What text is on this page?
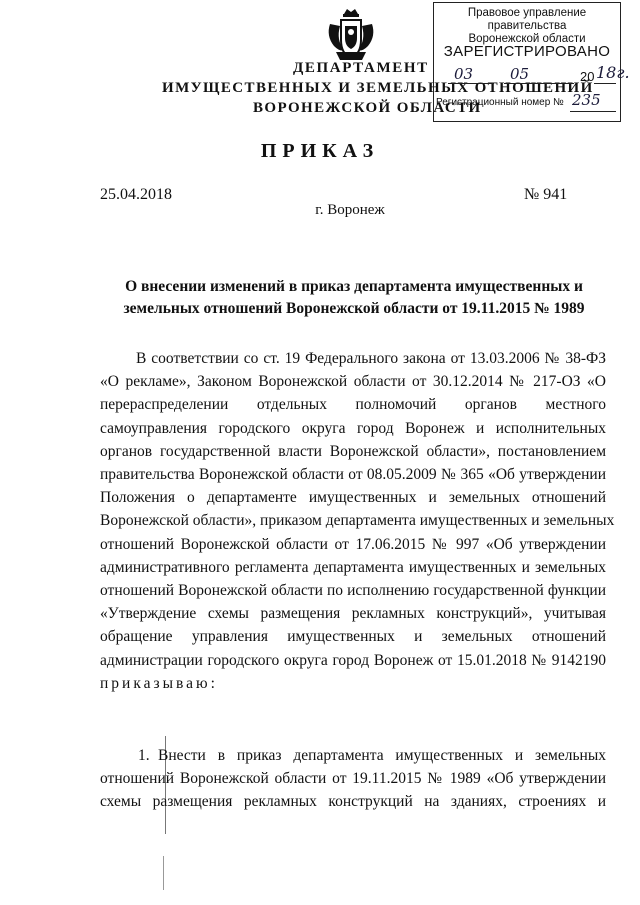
ДЕПАРТАМЕНТ
ИМУЩЕСТВЕННЫХ И ЗЕМЕЛЬНЫХ ОТНОШЕНИЙ
ВОРОНЕЖСКОЙ ОБЛАСТИ
Правовое управление правительства
Воронежской области
ЗАРЕГИСТРИРОВАНО
03 05	20 18г.
Регистрационный номер № 235
ПРИКАЗ
25.04.2018	№ 941
г. Воронеж
О внесении изменений в приказ департамента имущественных и земельных отношений Воронежской области от 19.11.2015 № 1989
В соответствии со ст. 19 Федерального закона от 13.03.2006 № 38-ФЗ
«О рекламе», Законом Воронежской области от 30.12.2014 № 217-ОЗ «О
перераспределении отдельных полномочий органов местного
самоуправления городского округа город Воронеж и исполнительных
органов государственной власти Воронежской области», постановлением
правительства Воронежской области от 08.05.2009 № 365 «Об утверждении
Положения о департаменте имущественных и земельных отношений
Воронежской области», приказом департамента имущественных и земельных
отношений Воронежской области от 17.06.2015 № 997 «Об утверждении
административного регламента департамента имущественных и земельных
отношений Воронежской области по исполнению государственной функции
«Утверждение схемы размещения рекламных конструкций», учитывая
обращение управления имущественных и земельных отношений
администрации городского округа город Воронеж от 15.01.2018 № 9142190
приказываю:
1. Внести в приказ департамента имущественных и земельных
отношений Воронежской области от 19.11.2015 № 1989 «Об утверждении
схемы размещения рекламных конструкций на зданиях, строениях и
